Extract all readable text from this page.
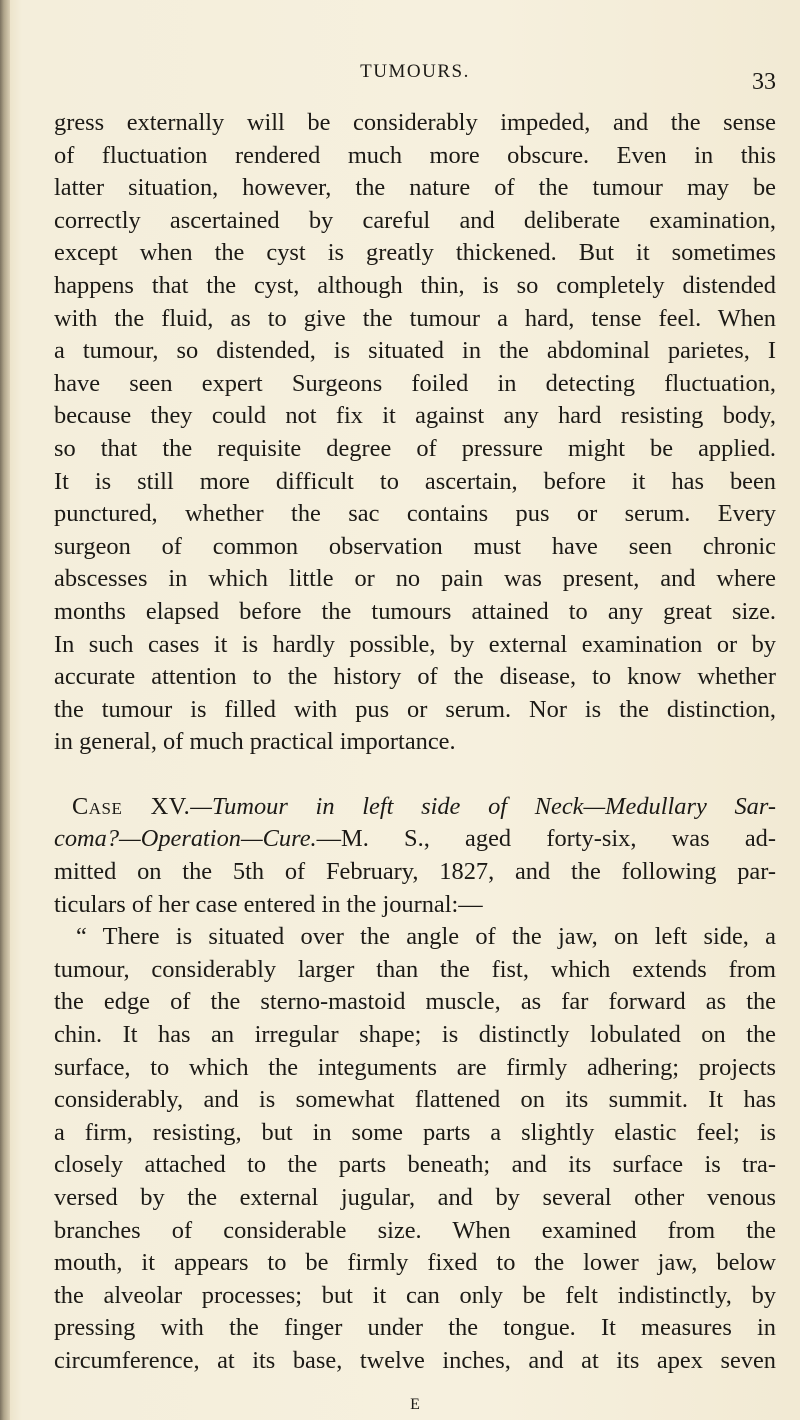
TUMOURS.	33
gress externally will be considerably impeded, and the sense
of fluctuation rendered much more obscure. Even in this
latter situation, however, the nature of the tumour may be
correctly ascertained by careful and deliberate examination,
except when the cyst is greatly thickened. But it sometimes
happens that the cyst, although thin, is so completely distended
with the fluid, as to give the tumour a hard, tense feel. When
a tumour, so distended, is situated in the abdominal parietes, I
have seen expert Surgeons foiled in detecting fluctuation,
because they could not fix it against any hard resisting body,
so that the requisite degree of pressure might be applied.
It is still more difficult to ascertain, before it has been
punctured, whether the sac contains pus or serum. Every
surgeon of common observation must have seen chronic
abscesses in which little or no pain was present, and where
months elapsed before the tumours attained to any great size.
In such cases it is hardly possible, by external examination or by
accurate attention to the history of the disease, to know whether
the tumour is filled with pus or serum. Nor is the distinction,
in general, of much practical importance.
Case XV.—Tumour in left side of Neck—Medullary Sar-
coma?—Operation—Cure.—M. S., aged forty-six, was ad-
mitted on the 5th of February, 1827, and the following par-
ticulars of her case entered in the journal:—
“ There is situated over the angle of the jaw, on left side, a
tumour, considerably larger than the fist, which extends from
the edge of the sterno-mastoid muscle, as far forward as the
chin. It has an irregular shape; is distinctly lobulated on the
surface, to which the integuments are firmly adhering; projects
considerably, and is somewhat flattened on its summit. It has
a firm, resisting, but in some parts a slightly elastic feel; is
closely attached to the parts beneath; and its surface is tra-
versed by the external jugular, and by several other venous
branches of considerable size. When examined from the
mouth, it appears to be firmly fixed to the lower jaw, below
the alveolar processes; but it can only be felt indistinctly, by
pressing with the finger under the tongue. It measures in
circumference, at its base, twelve inches, and at its apex seven
E
